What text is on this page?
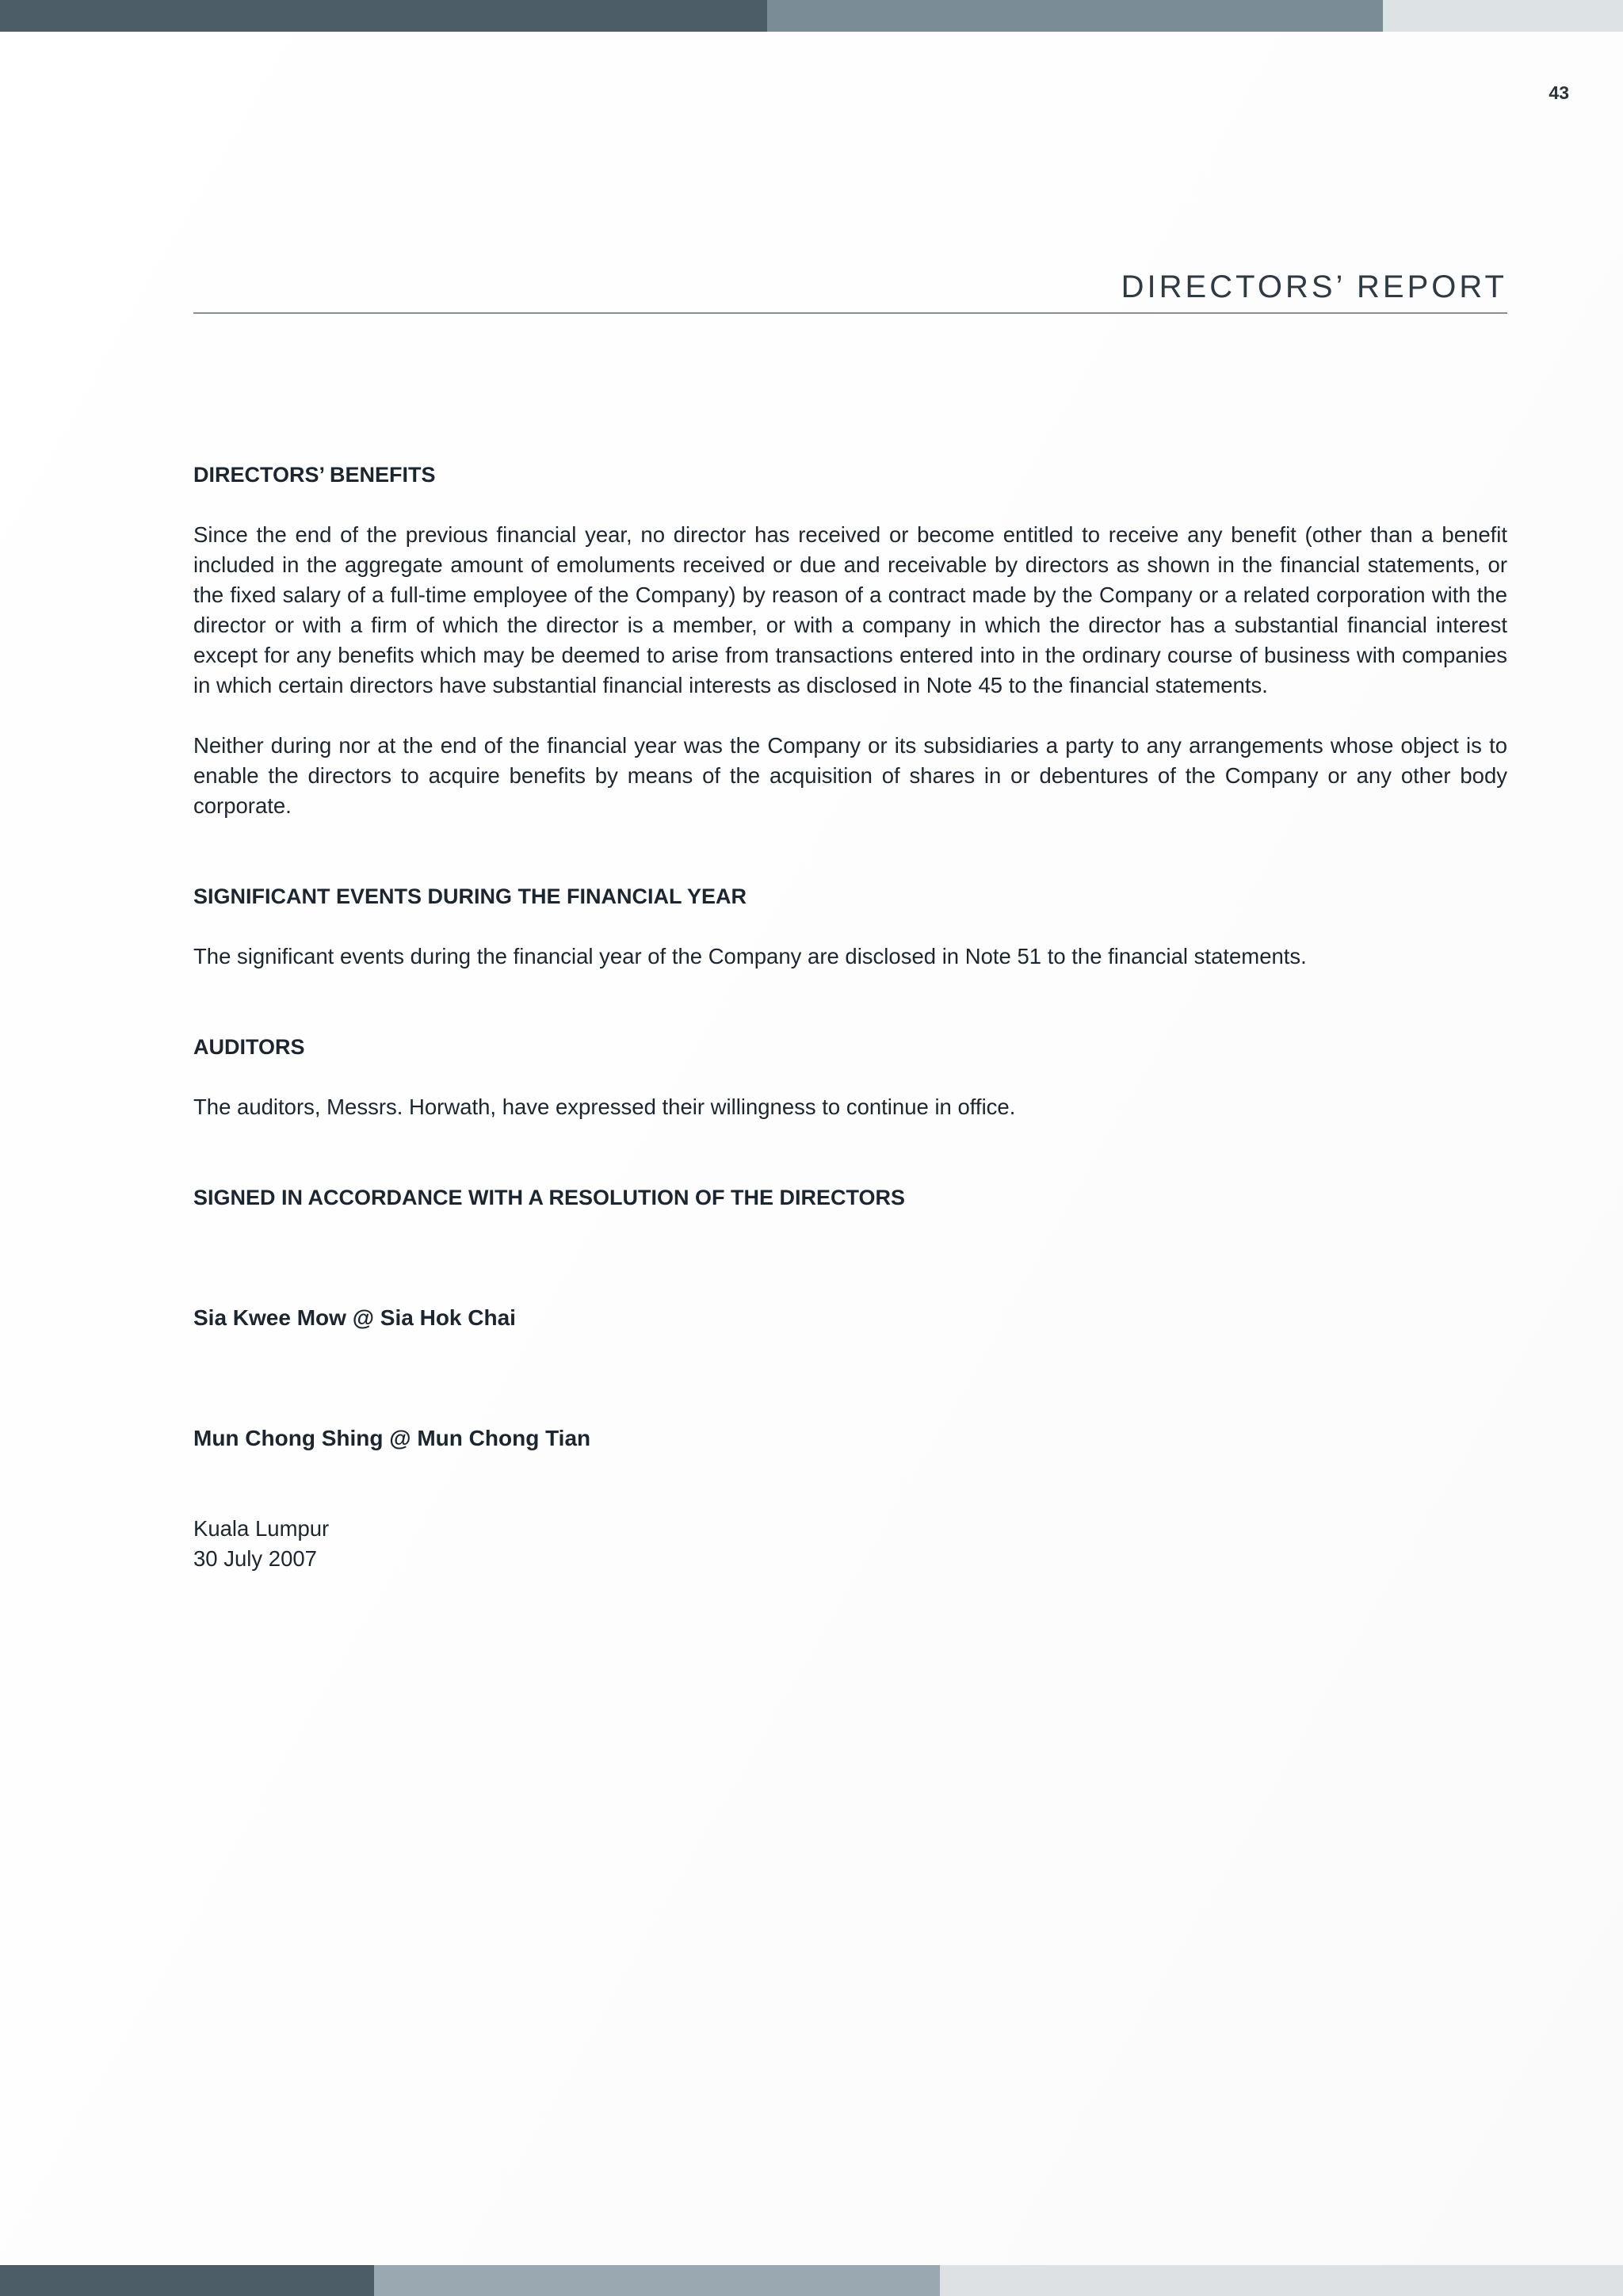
43
DIRECTORS’ REPORT
DIRECTORS’ BENEFITS

Since the end of the previous financial year, no director has received or become entitled to receive any benefit (other than a benefit included in the aggregate amount of emoluments received or due and receivable by directors as shown in the financial statements, or the fixed salary of a full-time employee of the Company) by reason of a contract made by the Company or a related corporation with the director or with a firm of which the director is a member, or with a company in which the director has a substantial financial interest except for any benefits which may be deemed to arise from transactions entered into in the ordinary course of business with companies in which certain directors have substantial financial interests as disclosed in Note 45 to the financial statements.

Neither during nor at the end of the financial year was the Company or its subsidiaries a party to any arrangements whose object is to enable the directors to acquire benefits by means of the acquisition of shares in or debentures of the Company or any other body corporate.

SIGNIFICANT EVENTS DURING THE FINANCIAL YEAR

The significant events during the financial year of the Company are disclosed in Note 51 to the financial statements.

AUDITORS

The auditors, Messrs. Horwath, have expressed their willingness to continue in office.

SIGNED IN ACCORDANCE WITH A RESOLUTION OF THE DIRECTORS
Sia Kwee Mow @ Sia Hok Chai
Mun Chong Shing @ Mun Chong Tian

Kuala Lumpur

30 July 2007
